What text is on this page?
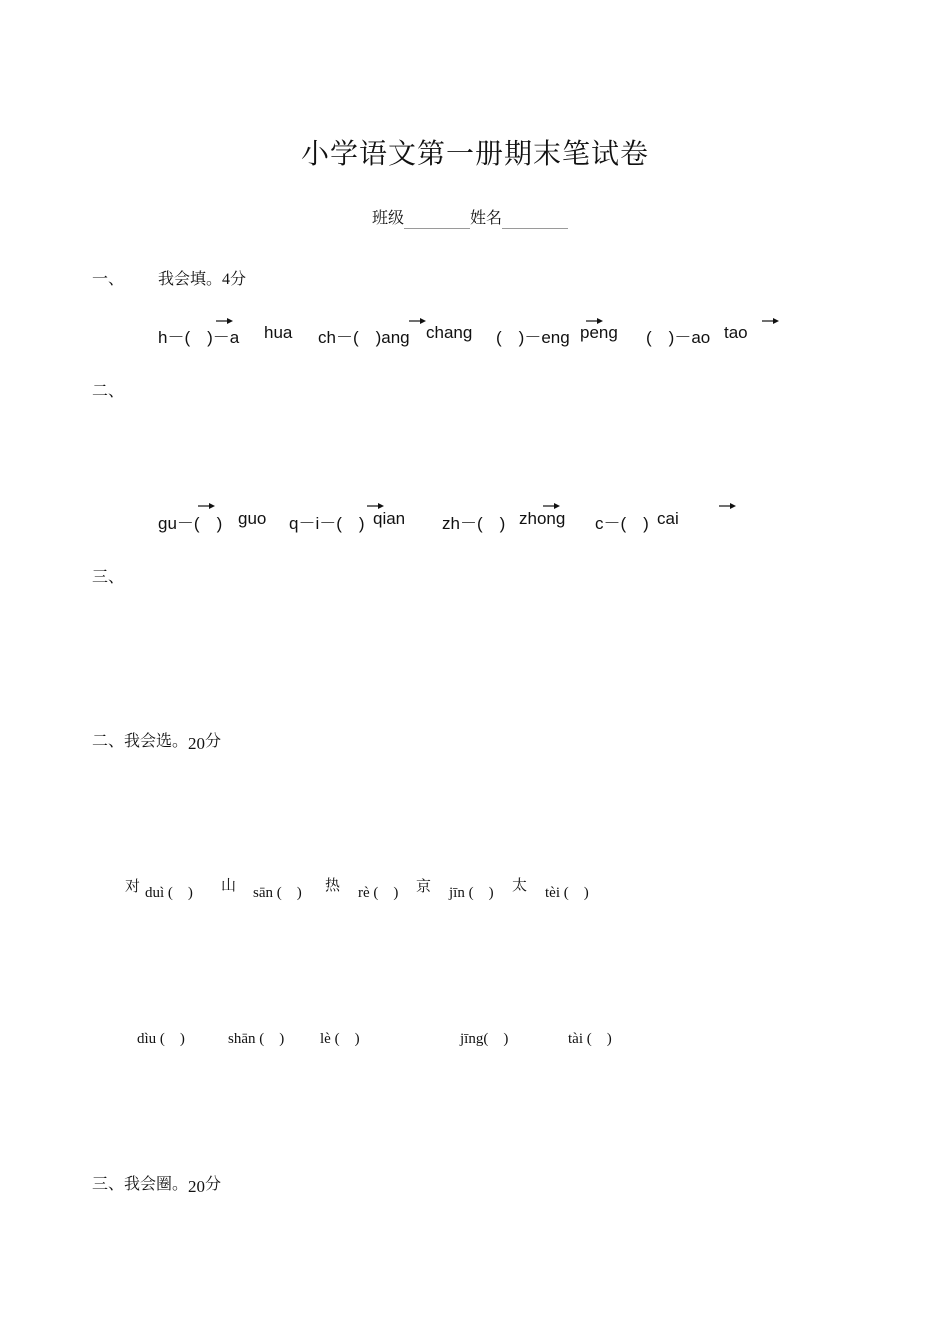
小学语文第一册期末笔试卷
班级$_{\_\_\_\_\_\_}$姓名$_{\_\_\_\_\_\_}$
一、 我会填。4分
h－(　)－a hua ch－(　)ang chang (　)－eng peng (　)－ao tao
二、
gu－(　) guo q－i－(　) qian zh－(　) zhong c－(　) cai
三、
二、我会选。20分
对 duì (　) 山 sān (　) 热 rè (　) 京 jīn (　) 太 tèi (　)
dìu (　)	shān (　) lè (　)	jīng(　)	tài (　)
三、我会圈。20分
